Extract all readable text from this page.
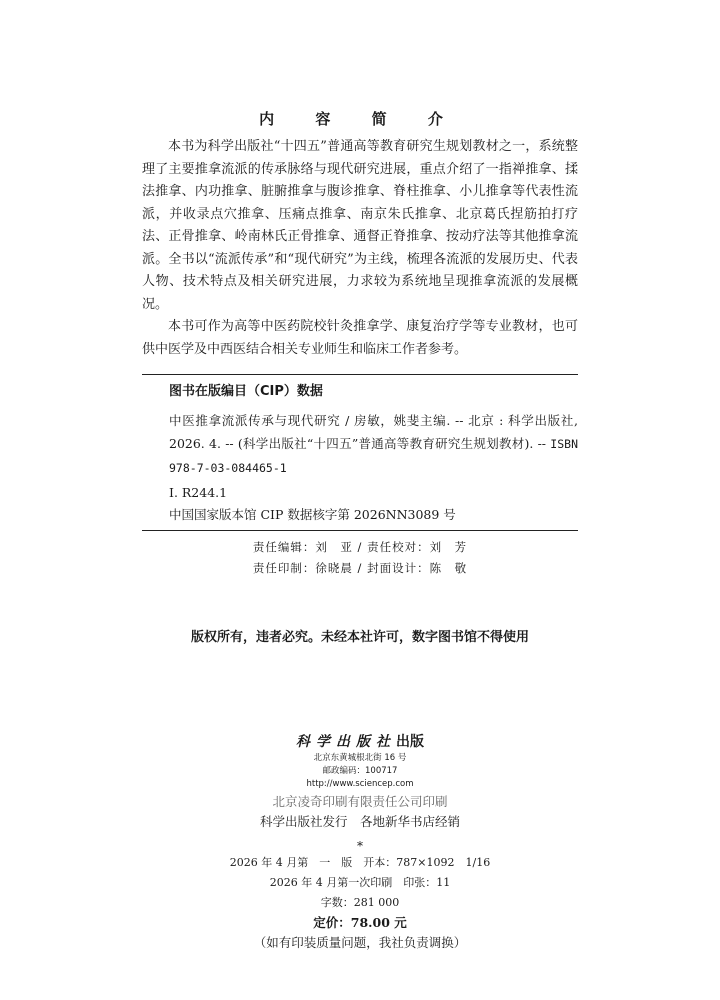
内 容 简 介

本书为科学出版社“十四五”普通高等教育研究生规划教材之一，系统整理了主要推拿流派的传承脉络与现代研究进展，重点介绍了一指禅推拿、揉法推拿、内功推拿、脏腑推拿与腹诊推拿、脊柱推拿、小儿推拿等代表性流派，并收录点穴推拿、压痛点推拿、南京朱氏推拿、北京葛氏捏筋拍打疗法、正骨推拿、岭南林氏正骨推拿、通督正脊推拿、按动疗法等其他推拿流派。全书以“流派传承”和“现代研究”为主线，梳理各流派的发展历史、代表人物、技术特点及相关研究进展，力求较为系统地呈现推拿流派的发展概况。

本书可作为高等中医药院校针灸推拿学、康复治疗学等专业教材，也可供中医学及中西医结合相关专业师生和临床工作者参考。

图书在版编目（CIP）数据
中医推拿流派传承与现代研究 / 房敏，姚斐主编. -- 北京 : 科学出版社, 2026. 4. -- (科学出版社“十四五”普通高等教育研究生规划教材). -- ISBN 978-7-03-084465-1
Ⅰ. R244.1
中国国家版本馆 CIP 数据核字第 2026NN3089 号
责任编辑：刘　亚 / 责任校对：刘　芳
责任印制：徐晓晨 / 封面设计：陈　敬
版权所有，违者必究。未经本社许可，数字图书馆不得使用
科学出版社出版
北京东黄城根北街 16 号
邮政编码：100717
http://www.sciencep.com
北京凌奇印刷有限责任公司印刷
科学出版社发行　各地新华书店经销
*
2026 年 4 月第　一　版　开本：787×1092　1/16
2026 年 4 月第一次印刷　印张：11
字数：281 000
定价：78.00 元
（如有印装质量问题，我社负责调换）
